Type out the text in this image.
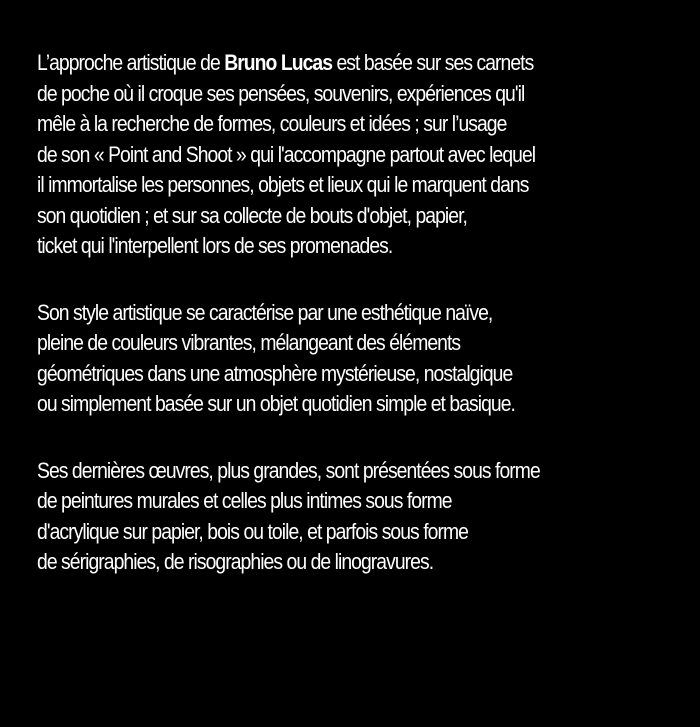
L’approche artistique de Bruno Lucas est basée sur ses carnets
de poche où il croque ses pensées, souvenirs, expériences qu'il
mêle à la recherche de formes, couleurs et idées ; sur l’usage
de son « Point and Shoot » qui l'accompagne partout avec lequel
il immortalise les personnes, objets et lieux qui le marquent dans
son quotidien ; et sur sa collecte de bouts d'objet, papier,
ticket qui l'interpellent lors de ses promenades.

Son style artistique se caractérise par une esthétique naïve,
pleine de couleurs vibrantes, mélangeant des éléments
géométriques dans une atmosphère mystérieuse, nostalgique
ou simplement basée sur un objet quotidien simple et basique.

Ses dernières œuvres, plus grandes, sont présentées sous forme
de peintures murales et celles plus intimes sous forme
d'acrylique sur papier, bois ou toile, et parfois sous forme
de sérigraphies, de risographies ou de linogravures.
